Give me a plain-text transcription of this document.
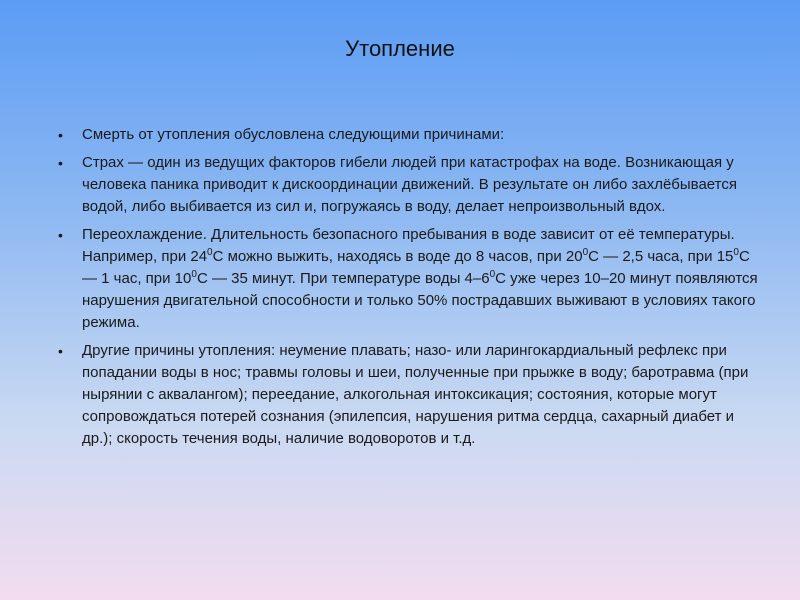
Утопление
• Смерть от утопления обусловлена следующими причинами:
• Страх — один из ведущих факторов гибели людей при катастрофах на воде. Возникающая у человека паника приводит к дискоординации движений. В результате он либо захлёбывается водой, либо выбивается из сил и, погружаясь в воду, делает непроизвольный вдох.
• Переохлаждение. Длительность безопасного пребывания в воде зависит от её температуры. Например, при $24^0С$ можно выжить, находясь в воде до 8 часов, при $20^0С$ — 2,5 часа, при $15^0С$ — 1 час, при $10^0С$ — 35 минут. При температуре воды $4-6^0С$ уже через 10–20 минут появляются нарушения двигательной способности и только 50% пострадавших выживают в условиях такого режима.
• Другие причины утопления: неумение плавать; назо- или ларингокардиальный рефлекс при попадании воды в нос; травмы головы и шеи, полученные при прыжке в воду; баротравма (при нырянии с аквалангом); переедание, алкогольная интоксикация; состояния, которые могут сопровождаться потерей сознания (эпилепсия, нарушения ритма сердца, сахарный диабет и др.); скорость течения воды, наличие водоворотов и т.д.
